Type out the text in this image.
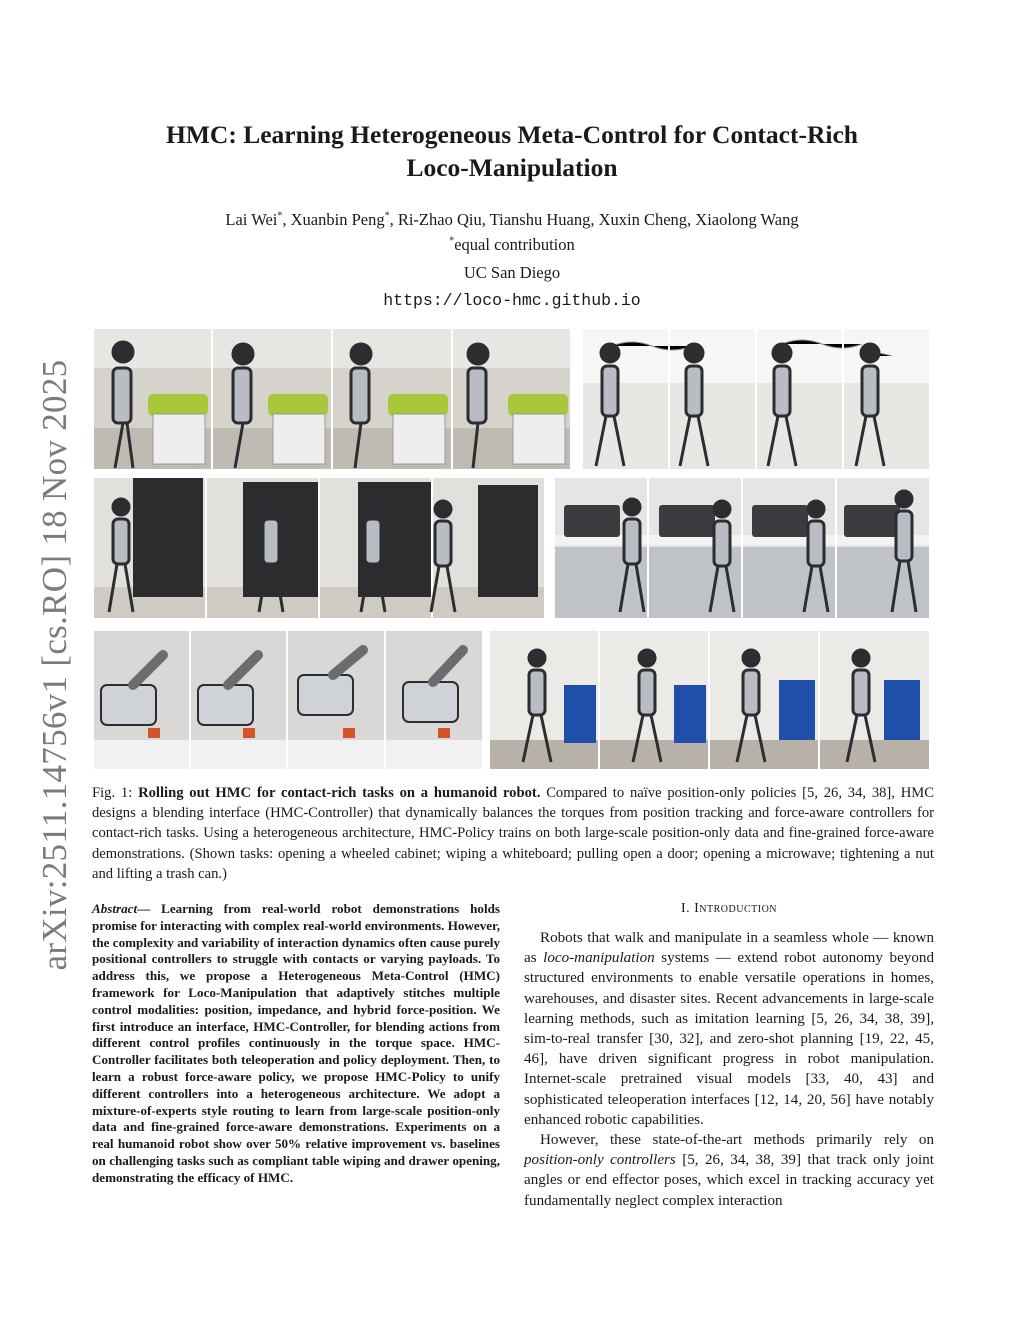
arXiv:2511.14756v1 [cs.RO] 18 Nov 2025
HMC: Learning Heterogeneous Meta-Control for Contact-Rich
Loco-Manipulation
Lai Wei*, Xuanbin Peng*, Ri-Zhao Qiu, Tianshu Huang, Xuxin Cheng, Xiaolong Wang
*equal contribution
UC San Diego
https://loco-hmc.github.io
Fig. 1: Rolling out HMC for contact-rich tasks on a humanoid robot. Compared to naïve position-only policies [5, 26, 34, 38], HMC designs a blending interface (HMC-Controller) that dynamically balances the torques from position tracking and force-aware controllers for contact-rich tasks. Using a heterogeneous architecture, HMC-Policy trains on both large-scale position-only data and fine-grained force-aware demonstrations. (Shown tasks: opening a wheeled cabinet; wiping a whiteboard; pulling open a door; opening a microwave; tightening a nut and lifting a trash can.)
Abstract— Learning from real-world robot demonstrations holds promise for interacting with complex real-world environments. However, the complexity and variability of interaction dynamics often cause purely positional controllers to struggle with contacts or varying payloads. To address this, we propose a Heterogeneous Meta-Control (HMC) framework for Loco-Manipulation that adaptively stitches multiple control modalities: position, impedance, and hybrid force-position. We first introduce an interface, HMC-Controller, for blending actions from different control profiles continuously in the torque space. HMC-Controller facilitates both teleoperation and policy deployment. Then, to learn a robust force-aware policy, we propose HMC-Policy to unify different controllers into a heterogeneous architecture. We adopt a mixture-of-experts style routing to learn from large-scale position-only data and fine-grained force-aware demonstrations. Experiments on a real humanoid robot show over 50% relative improvement vs. baselines on challenging tasks such as compliant table wiping and drawer opening, demonstrating the efficacy of HMC.
I. Introduction

Robots that walk and manipulate in a seamless whole — known as loco-manipulation systems — extend robot autonomy beyond structured environments to enable versatile operations in homes, warehouses, and disaster sites. Recent advancements in large-scale learning methods, such as imitation learning [5, 26, 34, 38, 39], sim-to-real transfer [30, 32], and zero-shot planning [19, 22, 45, 46], have driven significant progress in robot manipulation. Internet-scale pretrained visual models [33, 40, 43] and sophisticated teleoperation interfaces [12, 14, 20, 56] have notably enhanced robotic capabilities.

However, these state-of-the-art methods primarily rely on position-only controllers [5, 26, 34, 38, 39] that track only joint angles or end effector poses, which excel in tracking accuracy yet fundamentally neglect complex interaction
